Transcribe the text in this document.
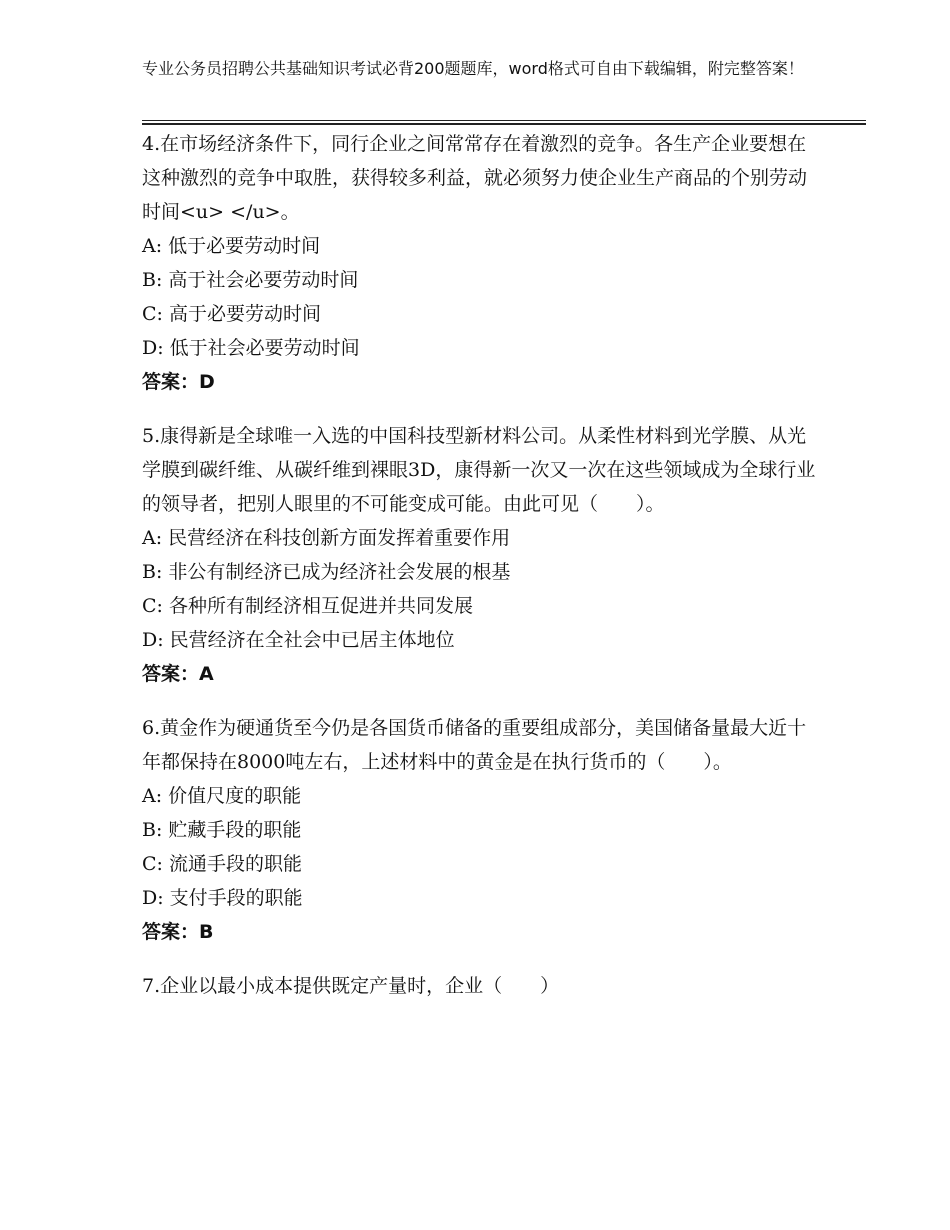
专业公务员招聘公共基础知识考试必背200题题库，word格式可自由下载编辑，附完整答案！

4.在市场经济条件下，同行企业之间常常存在着激烈的竞争。各生产企业要想在这种激烈的竞争中取胜，获得较多利益，就必须努力使企业生产商品的个别劳动时间<u> </u>。

A: 低于必要劳动时间

B: 高于社会必要劳动时间

C: 高于必要劳动时间

D: 低于社会必要劳动时间

答案：D

5.康得新是全球唯一入选的中国科技型新材料公司。从柔性材料到光学膜、从光学膜到碳纤维、从碳纤维到裸眼3D，康得新一次又一次在这些领域成为全球行业的领导者，把别人眼里的不可能变成可能。由此可见（　　）。

A: 民营经济在科技创新方面发挥着重要作用

B: 非公有制经济已成为经济社会发展的根基

C: 各种所有制经济相互促进并共同发展

D: 民营经济在全社会中已居主体地位

答案：A

6.黄金作为硬通货至今仍是各国货币储备的重要组成部分，美国储备量最大近十年都保持在8000吨左右，上述材料中的黄金是在执行货币的（　　）。

A: 价值尺度的职能

B: 贮藏手段的职能

C: 流通手段的职能

D: 支付手段的职能

答案：B

7.企业以最小成本提供既定产量时，企业（　　）
